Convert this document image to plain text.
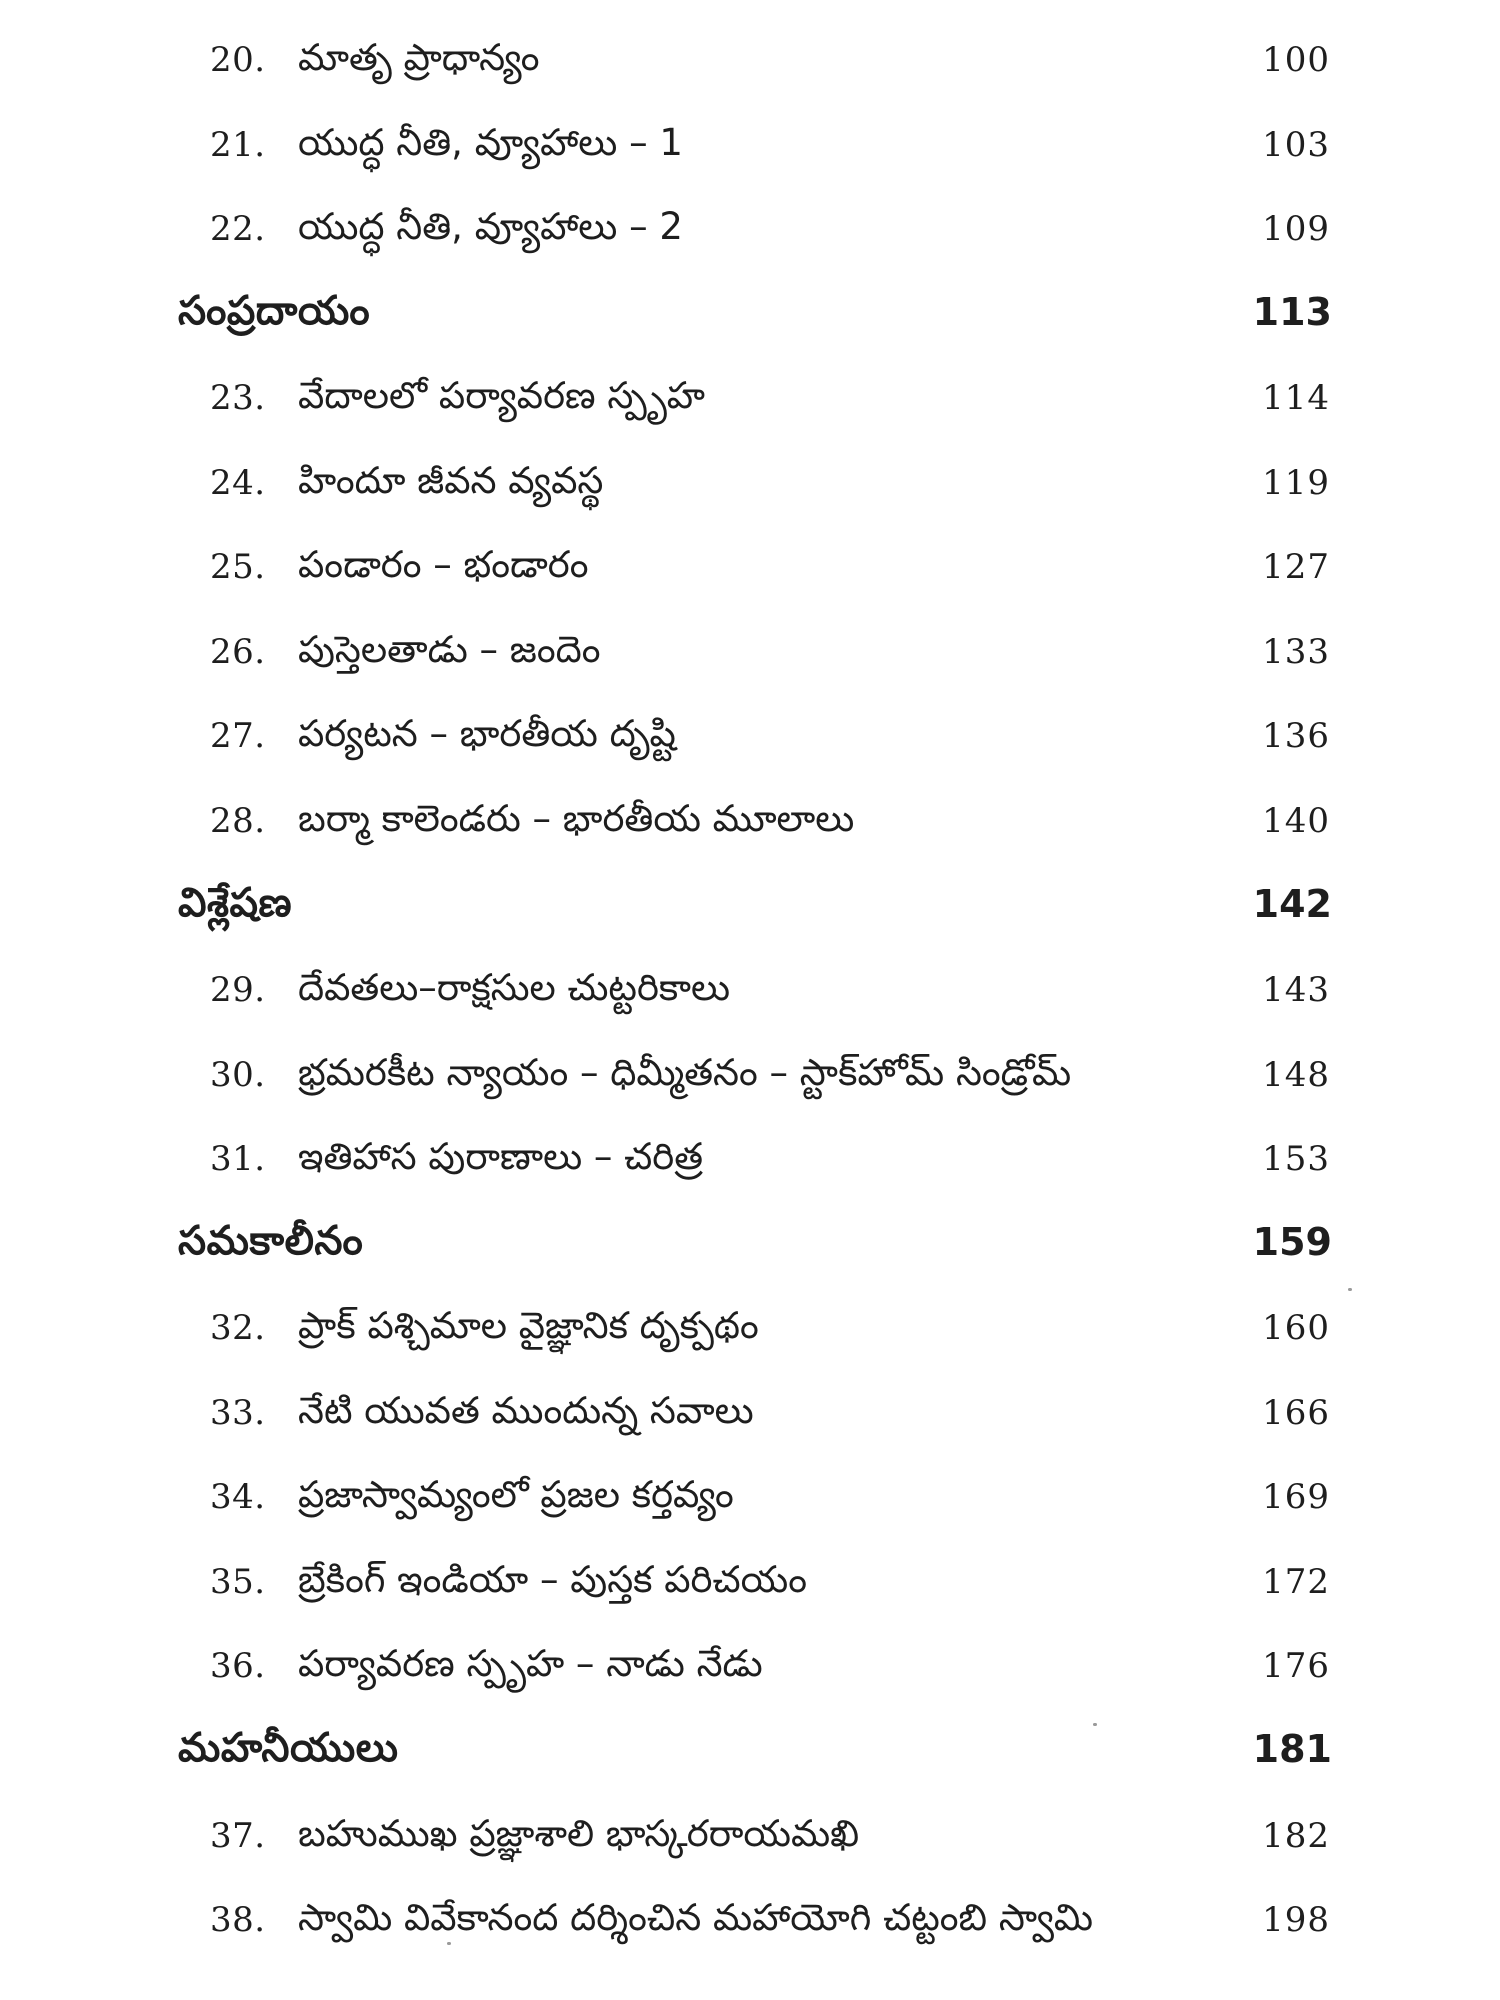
20. మాతృ ప్రాధాన్యం	100
21. యుద్ధ నీతి, వ్యూహాలు – 1	103
22. యుద్ధ నీతి, వ్యూహాలు – 2	109
సంప్రదాయం	113
23. వేదాలలో పర్యావరణ స్పృహ	114
24. హిందూ జీవన వ్యవస్థ	119
25. పండారం – భండారం	127
26. పుస్తెలతాడు – జందెం	133
27. పర్యటన – భారతీయ దృష్టి	136
28. బర్మా కాలెండరు – భారతీయ మూలాలు	140
విశ్లేషణ	142
29. దేవతలు–రాక్షసుల చుట్టరికాలు	143
30. భ్రమరకీట న్యాయం – ధిమ్మీతనం – స్టాక్‌హోమ్ సిండ్రోమ్	148
31. ఇతిహాస పురాణాలు – చరిత్ర	153
సమకాలీనం	159
32. ప్రాక్ పశ్చిమాల వైజ్ఞానిక దృక్పథం	160
33. నేటి యువత ముందున్న సవాలు	166
34. ప్రజాస్వామ్యంలో ప్రజల కర్తవ్యం	169
35. బ్రేకింగ్ ఇండియా – పుస్తక పరిచయం	172
36. పర్యావరణ స్పృహ – నాడు నేడు	176
మహనీయులు	181
37. బహుముఖ ప్రజ్ఞాశాలి భాస్కరరాయమఖి	182
38. స్వామి వివేకానంద దర్శించిన మహాయోగి చట్టంబి స్వామి	198
